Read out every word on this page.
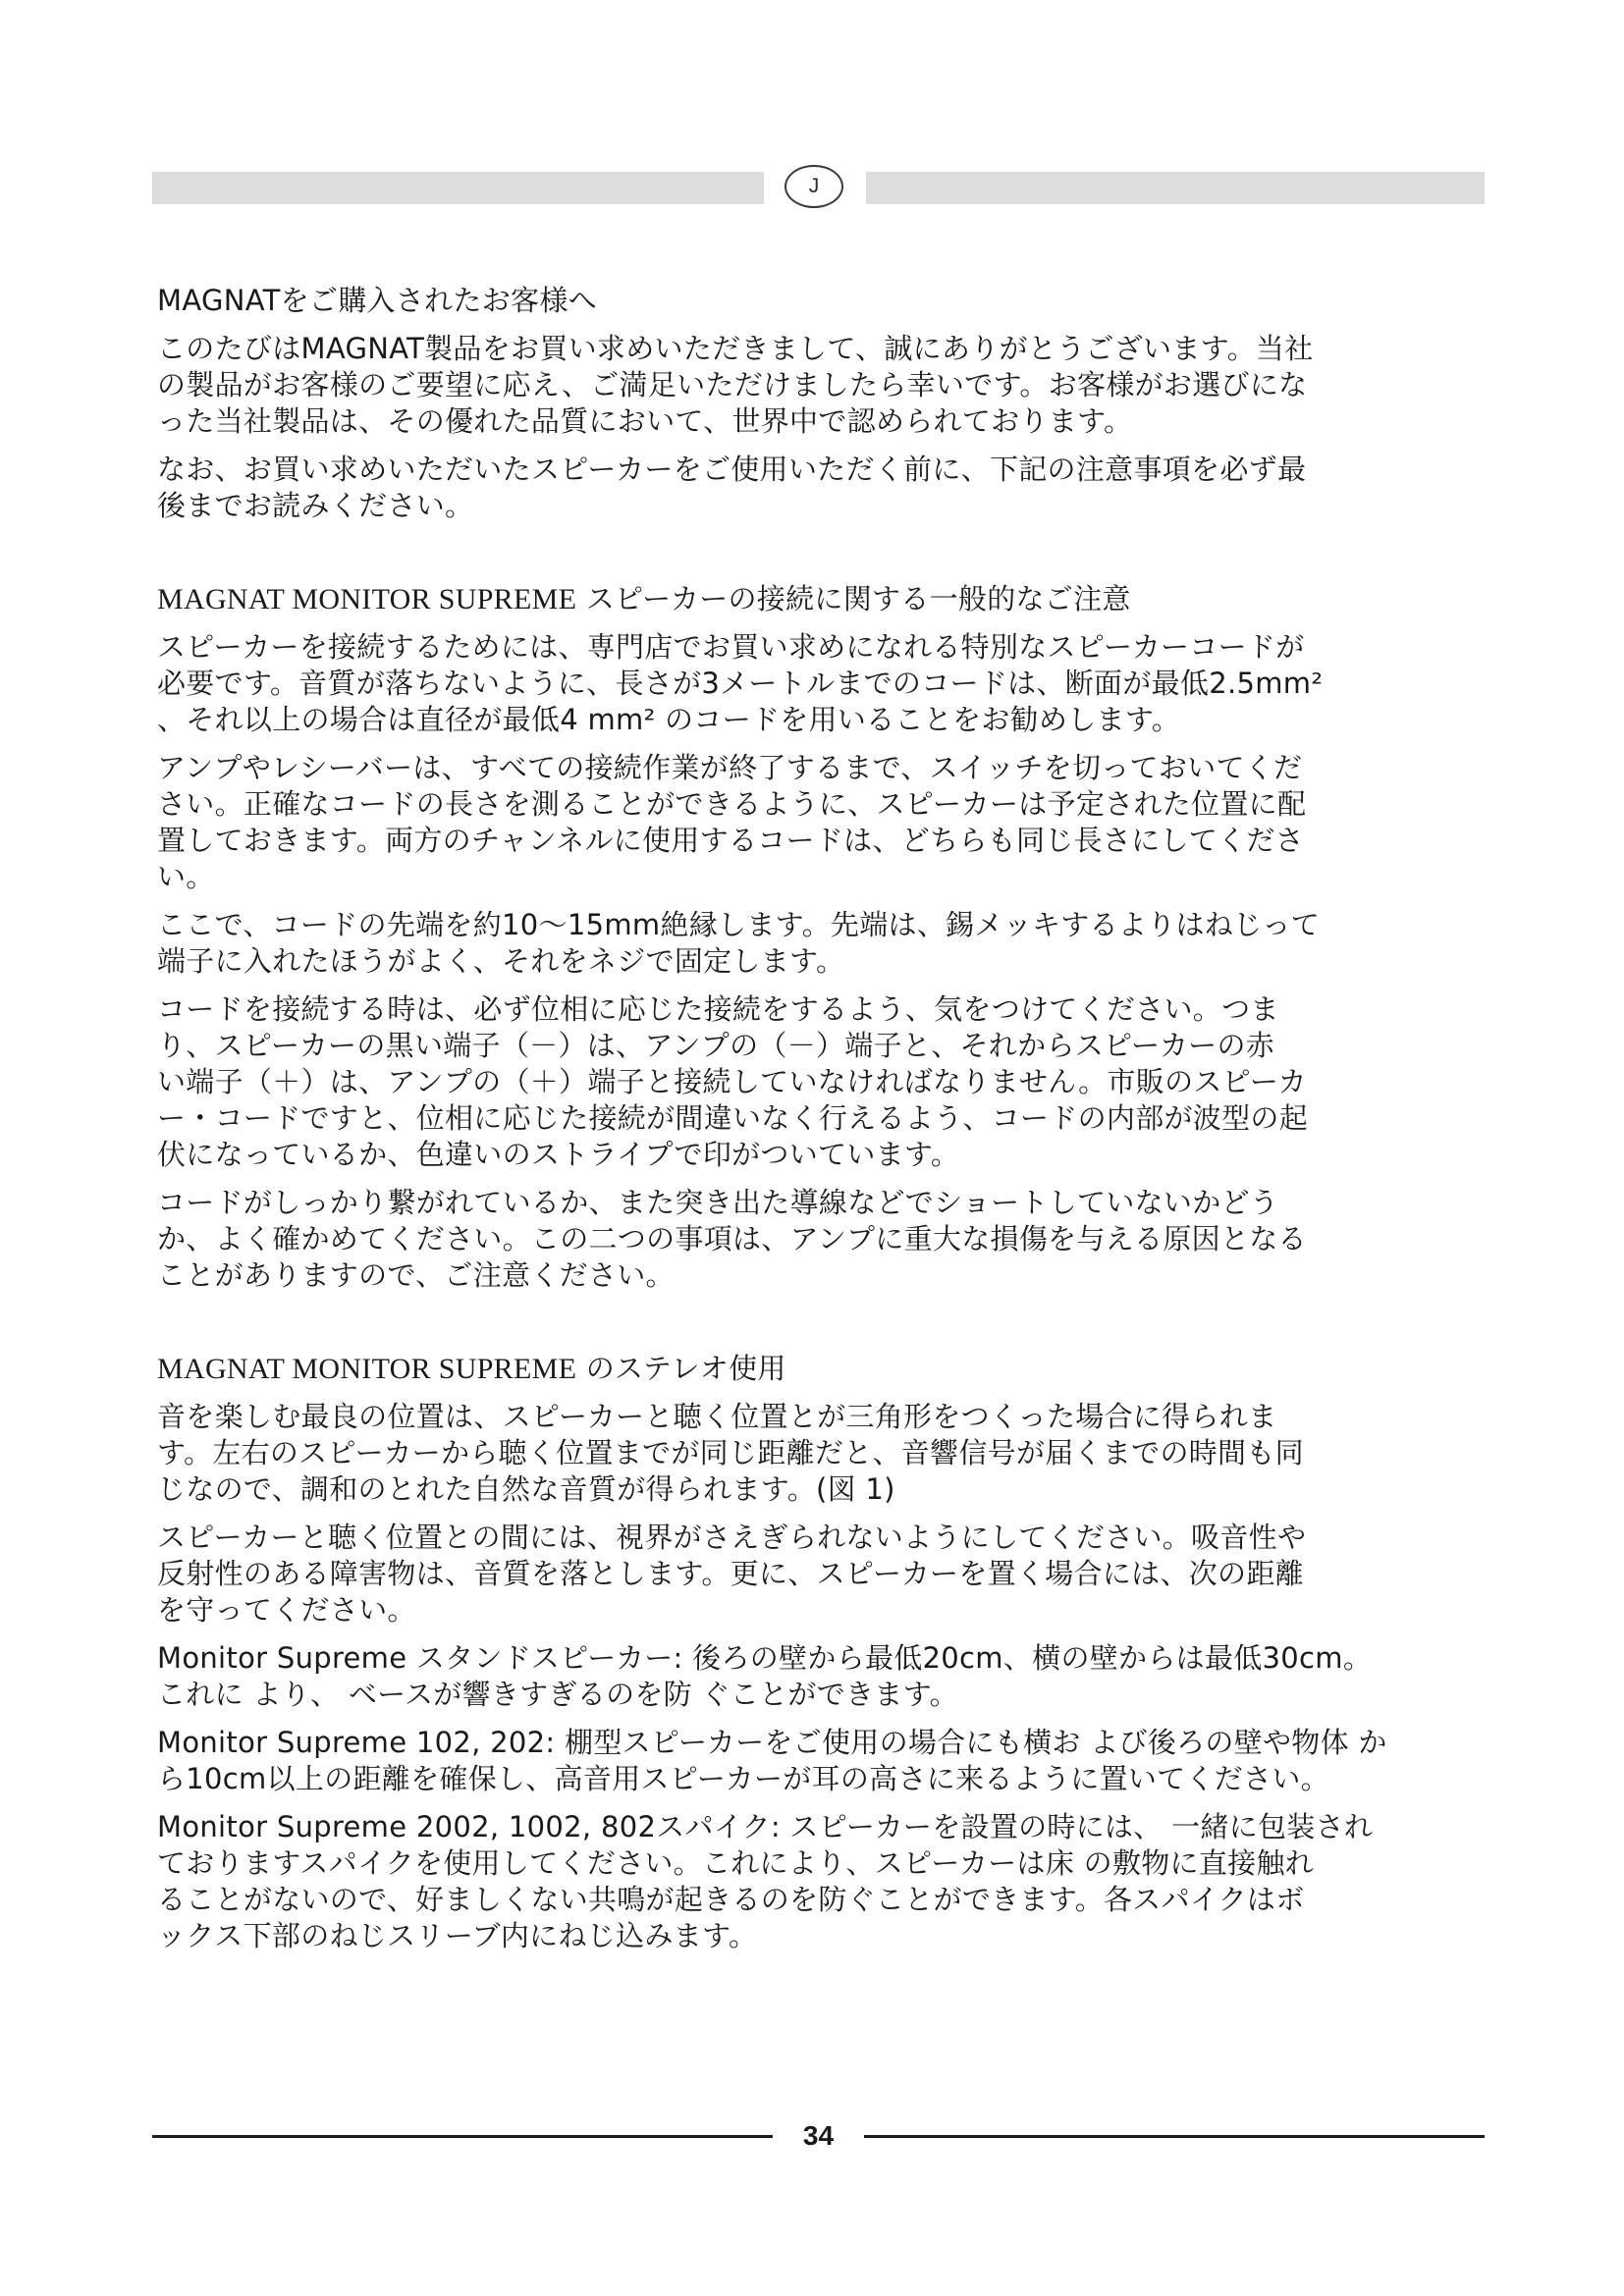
J
MAGNATをご購入されたお客様へ
このたびはMAGNAT製品をお買い求めいただきまして、誠にありがとうございます。当社
の製品がお客様のご要望に応え、ご満足いただけましたら幸いです。お客様がお選びにな
った当社製品は、その優れた品質において、世界中で認められております。
なお、お買い求めいただいたスピーカーをご使用いただく前に、下記の注意事項を必ず最
後までお読みください。
MAGNAT MONITOR SUPREME スピーカーの接続に関する一般的なご注意
スピーカーを接続するためには、専門店でお買い求めになれる特別なスピーカーコードが
必要です。音質が落ちないように、長さが3メートルまでのコードは、断面が最低2.5mm²
、それ以上の場合は直径が最低4 mm² のコードを用いることをお勧めします。
アンプやレシーバーは、すべての接続作業が終了するまで、スイッチを切っておいてくだ
さい。正確なコードの長さを測ることができるように、スピーカーは予定された位置に配
置しておきます。両方のチャンネルに使用するコードは、どちらも同じ長さにしてくださ
い。
ここで、コードの先端を約10～15mm絶縁します。先端は、錫メッキするよりはねじって
端子に入れたほうがよく、それをネジで固定します。
コードを接続する時は、必ず位相に応じた接続をするよう、気をつけてください。つま
り、スピーカーの黒い端子（－）は、アンプの（－）端子と、それからスピーカーの赤
い端子（＋）は、アンプの（＋）端子と接続していなければなりません。市販のスピーカ
ー・コードですと、位相に応じた接続が間違いなく行えるよう、コードの内部が波型の起
伏になっているか、色違いのストライプで印がついています。
コードがしっかり繋がれているか、また突き出た導線などでショートしていないかどう
か、よく確かめてください。この二つの事項は、アンプに重大な損傷を与える原因となる
ことがありますので、ご注意ください。
MAGNAT MONITOR SUPREME のステレオ使用
音を楽しむ最良の位置は、スピーカーと聴く位置とが三角形をつくった場合に得られま
す。左右のスピーカーから聴く位置までが同じ距離だと、音響信号が届くまでの時間も同
じなので、調和のとれた自然な音質が得られます。(図 1)
スピーカーと聴く位置との間には、視界がさえぎられないようにしてください。吸音性や
反射性のある障害物は、音質を落とします。更に、スピーカーを置く場合には、次の距離
を守ってください。
Monitor Supreme スタンドスピーカー: 後ろの壁から最低20cm、横の壁からは最低30cm。
これに より、 ベースが響きすぎるのを防 ぐことができます。
Monitor Supreme 102, 202: 棚型スピーカーをご使用の場合にも横お よび後ろの壁や物体 か
ら10cm以上の距離を確保し、高音用スピーカーが耳の高さに来るように置いてください。
Monitor Supreme 2002, 1002, 802スパイク: スピーカーを設置の時には、 一緒に包装され
ておりますスパイクを使用してください。これにより、スピーカーは床 の敷物に直接触れ
ることがないので、好ましくない共鳴が起きるのを防ぐことができます。各スパイクはボ
ックス下部のねじスリーブ内にねじ込みます。
34
